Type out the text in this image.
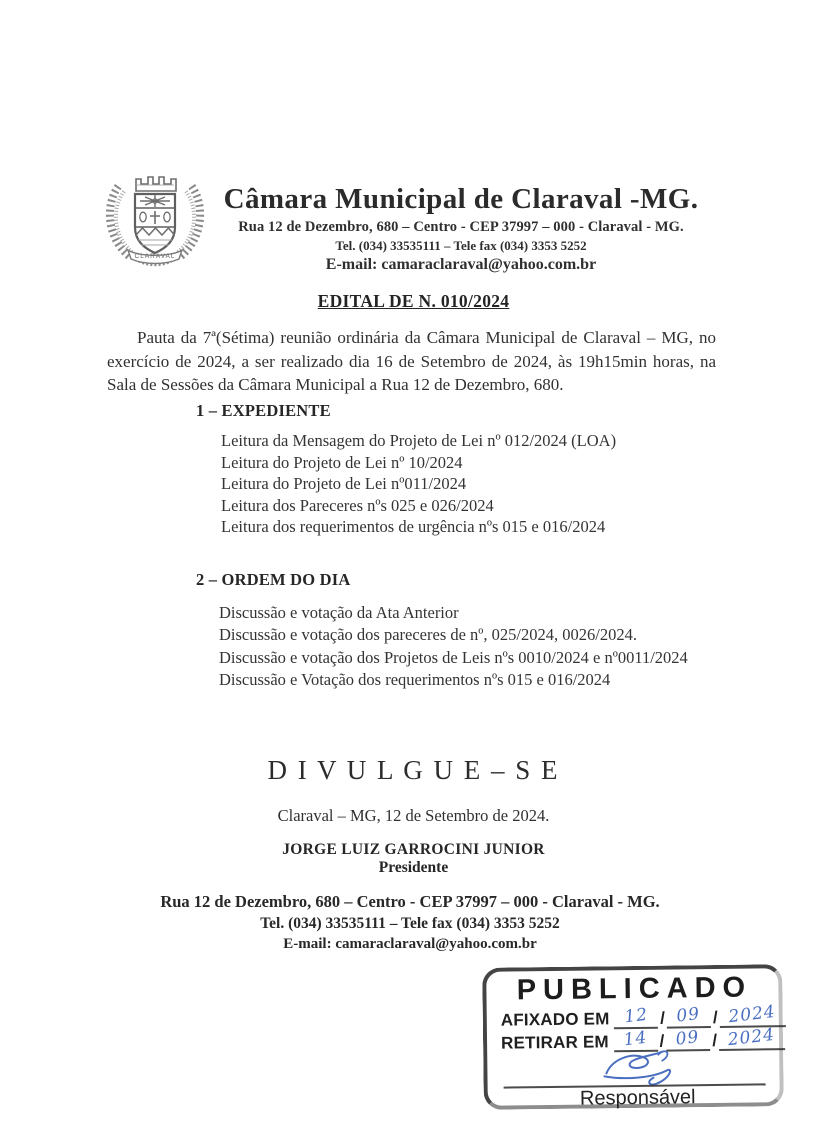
CLARAVAL
Câmara Municipal de Claraval -MG.
Rua 12 de Dezembro, 680 – Centro - CEP 37997 – 000 - Claraval - MG.
Tel. (034) 33535111 – Tele fax (034) 3353 5252
E-mail: camaraclaraval@yahoo.com.br
EDITAL DE N. 010/2024
Pauta da 7ª(Sétima) reunião ordinária da Câmara Municipal de Claraval – MG, no exercício de 2024, a ser realizado dia 16 de Setembro de 2024, às 19h15min horas, na Sala de Sessões da Câmara Municipal a Rua 12 de Dezembro, 680.
1 – EXPEDIENTE
Leitura da Mensagem do Projeto de Lei nº 012/2024 (LOA)
Leitura do Projeto de Lei nº 10/2024
Leitura do Projeto de Lei nº011/2024
Leitura dos Pareceres nºs 025 e 026/2024
Leitura dos requerimentos de urgência nºs 015 e 016/2024
2 – ORDEM DO DIA
Discussão e votação da Ata Anterior
Discussão e votação dos pareceres de nº, 025/2024, 0026/2024.
Discussão e votação dos Projetos de Leis nºs 0010/2024 e nº0011/2024
Discussão e Votação dos requerimentos nºs 015 e 016/2024
D I V U L G U E – S E
Claraval – MG, 12 de Setembro de 2024.
JORGE LUIZ GARROCINI JUNIOR
Presidente
Rua 12 de Dezembro, 680 – Centro - CEP 37997 – 000 - Claraval - MG.
Tel. (034) 33535111 – Tele fax (034) 3353 5252
E-mail: camaraclaraval@yahoo.com.br
PUBLICADO
AFIXADO EM 12 / 09 / 2024
RETIRAR EM 14 / 09 / 2024
Responsável
